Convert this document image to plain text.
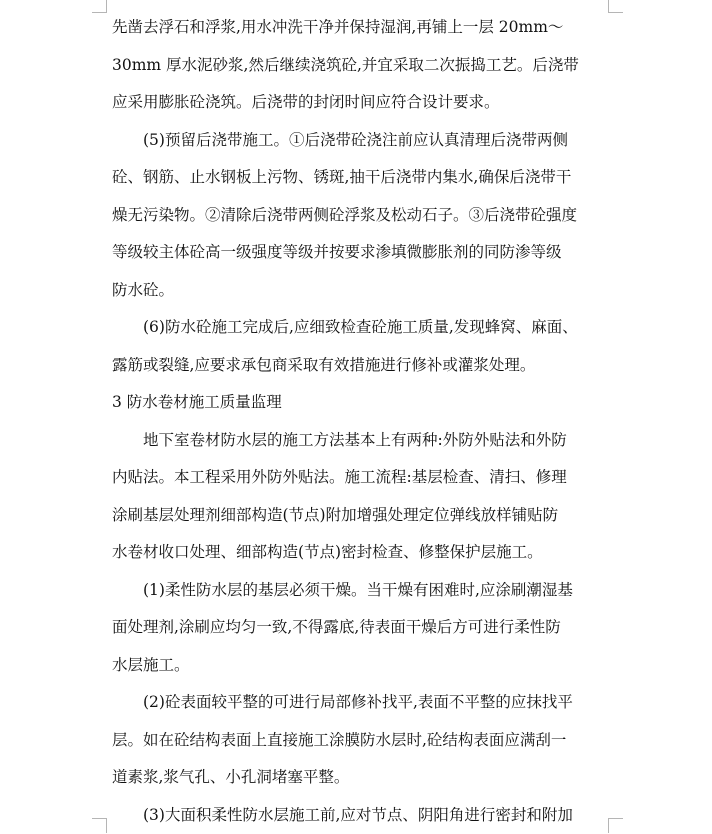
先凿去浮石和浮浆,用水冲洗干净并保持湿润,再铺上一层 20mm～
30mm 厚水泥砂浆,然后继续浇筑砼,并宜采取二次振捣工艺。后浇带
应采用膨胀砼浇筑。后浇带的封闭时间应符合设计要求。
(5)预留后浇带施工。①后浇带砼浇注前应认真清理后浇带两侧
砼、钢筋、止水钢板上污物、锈斑,抽干后浇带内集水,确保后浇带干
燥无污染物。②清除后浇带两侧砼浮浆及松动石子。③后浇带砼强度
等级较主体砼高一级强度等级并按要求渗填微膨胀剂的同防渗等级
防水砼。
(6)防水砼施工完成后,应细致检查砼施工质量,发现蜂窝、麻面、
露筋或裂缝,应要求承包商采取有效措施进行修补或灌浆处理。
3 防水卷材施工质量监理
地下室卷材防水层的施工方法基本上有两种:外防外贴法和外防
内贴法。本工程采用外防外贴法。施工流程:基层检查、清扫、修理
涂刷基层处理剂细部构造(节点)附加增强处理定位弹线放样铺贴防
水卷材收口处理、细部构造(节点)密封检查、修整保护层施工。
(1)柔性防水层的基层必须干燥。当干燥有困难时,应涂刷潮湿基
面处理剂,涂刷应均匀一致,不得露底,待表面干燥后方可进行柔性防
水层施工。
(2)砼表面较平整的可进行局部修补找平,表面不平整的应抹找平
层。如在砼结构表面上直接施工涂膜防水层时,砼结构表面应满刮一
道素浆,浆气孔、小孔洞堵塞平整。
(3)大面积柔性防水层施工前,应对节点、阴阳角进行密封和附加
